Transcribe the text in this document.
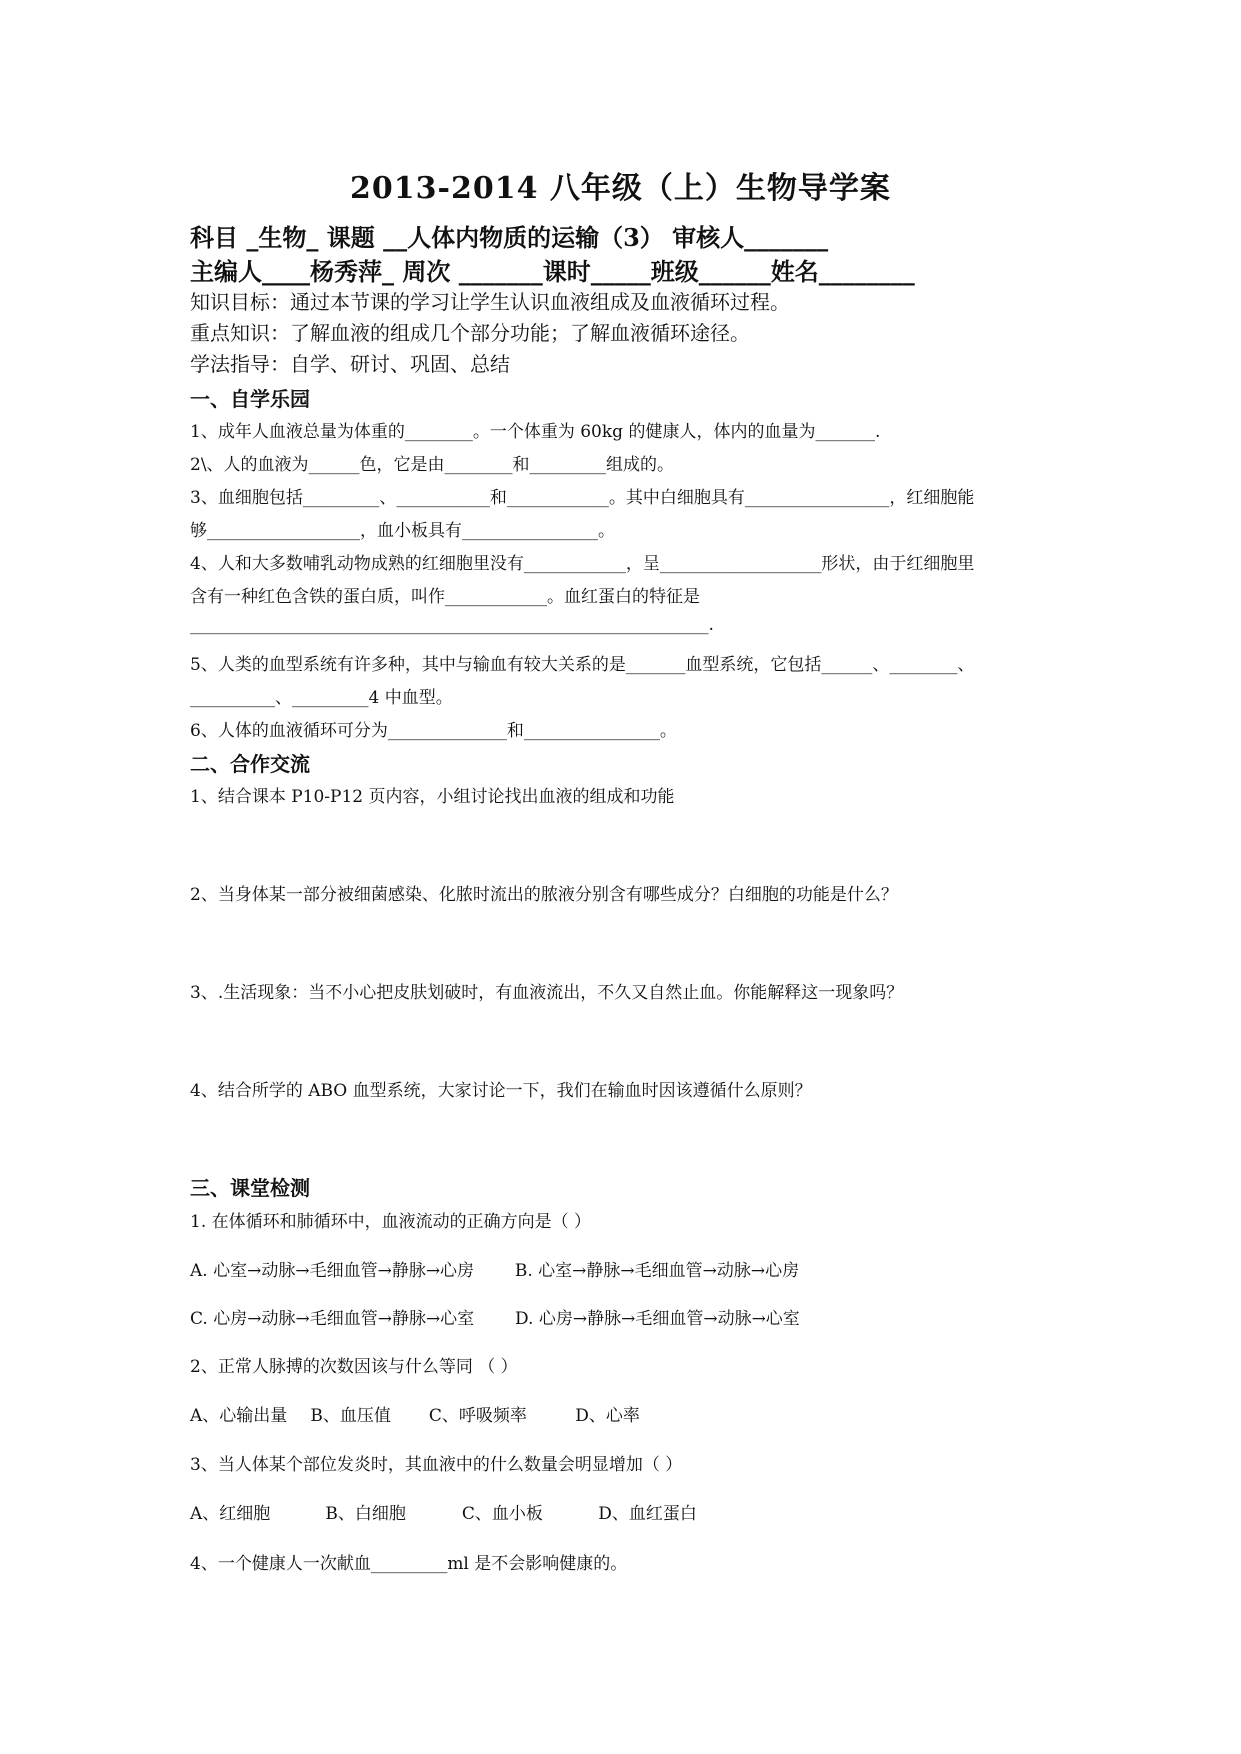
2013-2014 八年级（上）生物导学案
科目 _生物_ 课题 __人体内物质的运输（3） 审核人_______
主编人____杨秀萍_ 周次 _______课时_____班级______姓名________
知识目标：通过本节课的学习让学生认识血液组成及血液循环过程。
重点知识：了解血液的组成几个部分功能；了解血液循环途径。
学法指导：自学、研讨、巩固、总结
一、自学乐园
1、成年人血液总量为体重的________。一个体重为 60kg 的健康人，体内的血量为_______.
2\、人的血液为______色，它是由________和_________组成的。
3、血细胞包括_________、___________和____________。其中白细胞具有_________________，红细胞能
够__________________，血小板具有________________。
4、人和大多数哺乳动物成熟的红细胞里没有____________，呈___________________形状，由于红细胞里
含有一种红色含铁的蛋白质，叫作____________。血红蛋白的特征是
_____________________________________________________________.
5、人类的血型系统有许多种，其中与输血有较大关系的是_______血型系统，它包括______、________、
__________、_________4 中血型。
6、人体的血液循环可分为______________和________________。
二、合作交流
1、结合课本 P10-P12 页内容，小组讨论找出血液的组成和功能
2、当身体某一部分被细菌感染、化脓时流出的脓液分别含有哪些成分？白细胞的功能是什么？
3、.生活现象：当不小心把皮肤划破时，有血液流出，不久又自然止血。你能解释这一现象吗？
4、结合所学的 ABO 血型系统，大家讨论一下，我们在输血时因该遵循什么原则？
三、课堂检测
1. 在体循环和肺循环中，血液流动的正确方向是（ ）
A. 心室→动脉→毛细血管→静脉→心房 B. 心室→静脉→毛细血管→动脉→心房
C. 心房→动脉→毛细血管→静脉→心室 D. 心房→静脉→毛细血管→动脉→心室
2、正常人脉搏的次数因该与什么等同 （ ）
A、心输出量 B、血压值 C、呼吸频率	D、心率
3、当人体某个部位发炎时，其血液中的什么数量会明显增加（ ）
A、红细胞	B、白细胞	C、血小板	D、血红蛋白
4、一个健康人一次献血_________ml 是不会影响健康的。
